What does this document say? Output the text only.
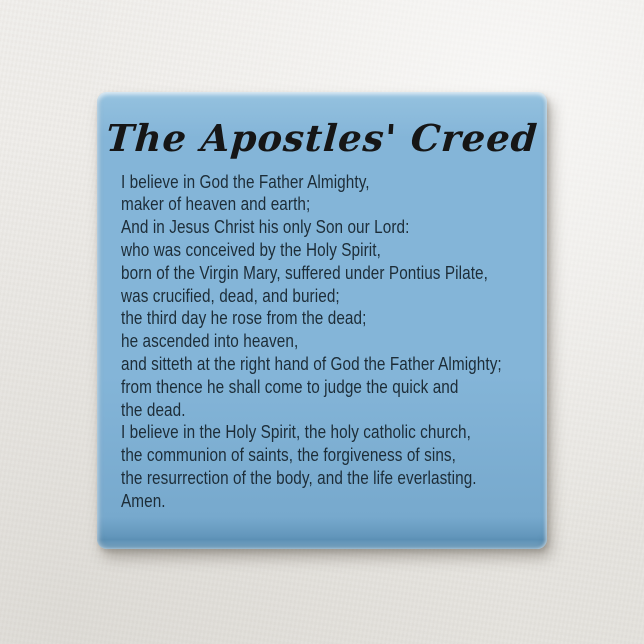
The Apostles' Creed
I believe in God the Father Almighty,
maker of heaven and earth;
And in Jesus Christ his only Son our Lord:
who was conceived by the Holy Spirit,
born of the Virgin Mary, suffered under Pontius Pilate,
was crucified, dead, and buried;
the third day he rose from the dead;
he ascended into heaven,
and sitteth at the right hand of God the Father Almighty;
from thence he shall come to judge the quick and
the dead.
I believe in the Holy Spirit, the holy catholic church,
the communion of saints, the forgiveness of sins,
the resurrection of the body, and the life everlasting.
Amen.
